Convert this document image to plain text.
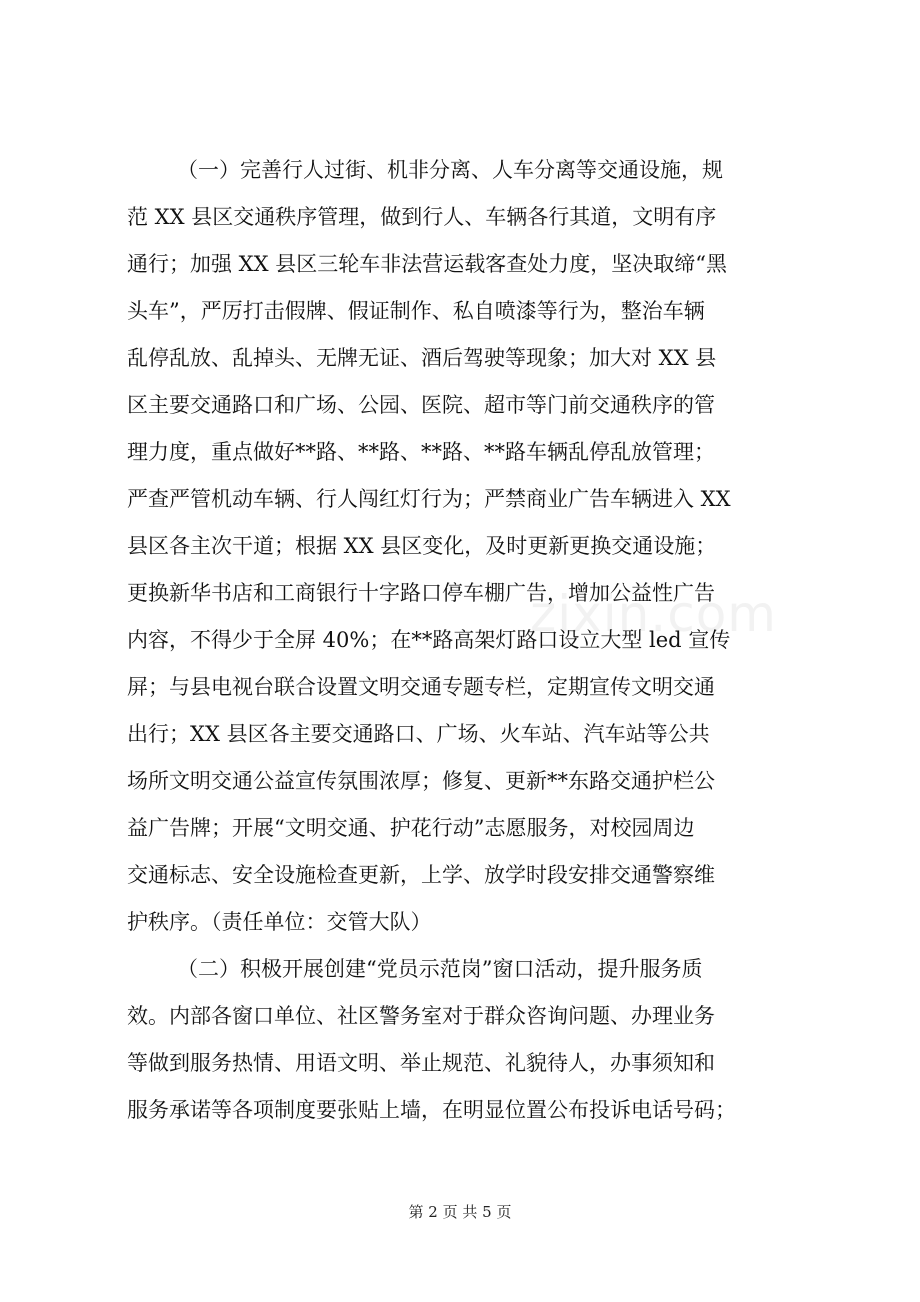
zixin.com
（一）完善行人过街、机非分离、人车分离等交通设施，规
范 XX 县区交通秩序管理，做到行人、车辆各行其道，文明有序
通行；加强 XX 县区三轮车非法营运载客查处力度，坚决取缔“黑
头车”，严厉打击假牌、假证制作、私自喷漆等行为，整治车辆
乱停乱放、乱掉头、无牌无证、酒后驾驶等现象；加大对 XX 县
区主要交通路口和广场、公园、医院、超市等门前交通秩序的管
理力度，重点做好**路、**路、**路、**路车辆乱停乱放管理；
严查严管机动车辆、行人闯红灯行为；严禁商业广告车辆进入 XX
县区各主次干道；根据 XX 县区变化，及时更新更换交通设施；
更换新华书店和工商银行十字路口停车棚广告，增加公益性广告
内容，不得少于全屏 40%；在**路高架灯路口设立大型 led 宣传
屏；与县电视台联合设置文明交通专题专栏，定期宣传文明交通
出行；XX 县区各主要交通路口、广场、火车站、汽车站等公共
场所文明交通公益宣传氛围浓厚；修复、更新**东路交通护栏公
益广告牌；开展“文明交通、护花行动”志愿服务，对校园周边
交通标志、安全设施检查更新，上学、放学时段安排交通警察维
护秩序。（责任单位：交管大队）
（二）积极开展创建“党员示范岗”窗口活动，提升服务质
效。内部各窗口单位、社区警务室对于群众咨询问题、办理业务
等做到服务热情、用语文明、举止规范、礼貌待人，办事须知和
服务承诺等各项制度要张贴上墙，在明显位置公布投诉电话号码；
第 2 页 共 5 页
